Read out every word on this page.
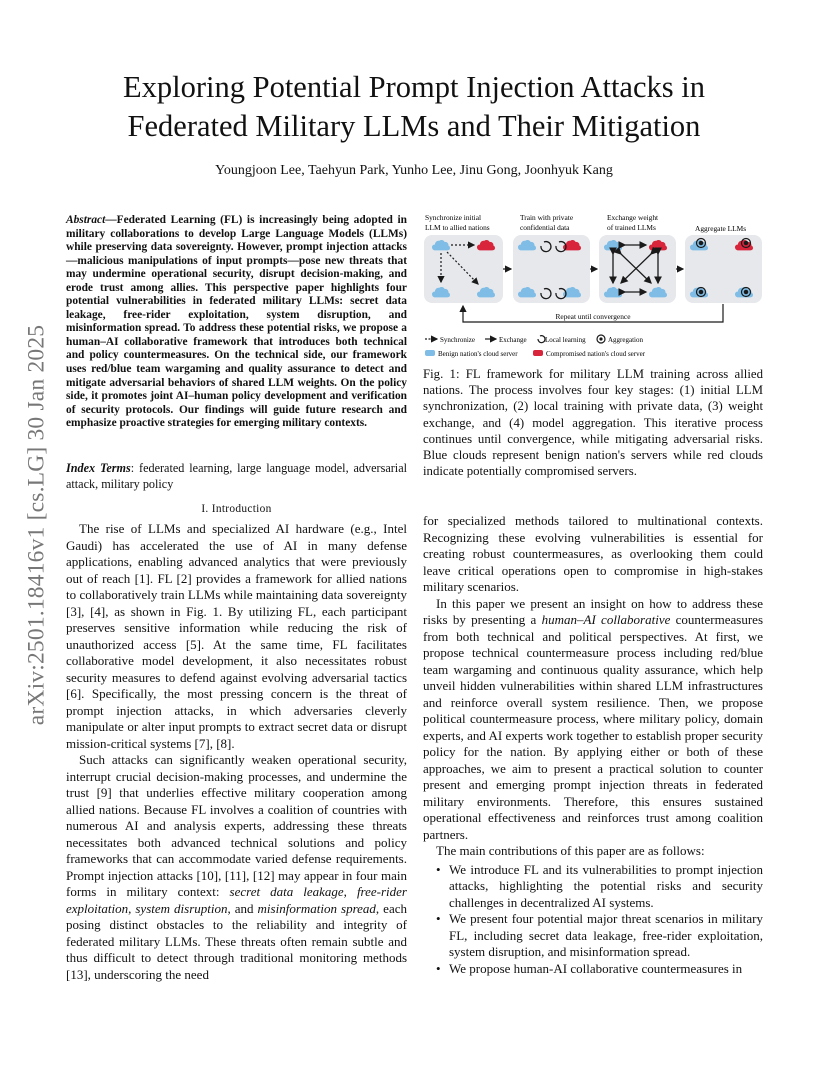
arXiv:2501.18416v1 [cs.LG] 30 Jan 2025
Exploring Potential Prompt Injection Attacks in Federated Military LLMs and Their Mitigation
Youngjoon Lee, Taehyun Park, Yunho Lee, Jinu Gong, Joonhyuk Kang
Abstract—Federated Learning (FL) is increasingly being adopted in military collaborations to develop Large Language Models (LLMs) while preserving data sovereignty. However, prompt injection attacks—malicious manipulations of input prompts—pose new threats that may undermine operational security, disrupt decision-making, and erode trust among allies. This perspective paper highlights four potential vulnerabilities in federated military LLMs: secret data leakage, free-rider exploitation, system disruption, and misinformation spread. To address these potential risks, we propose a human–AI collaborative framework that introduces both technical and policy countermeasures. On the technical side, our framework uses red/blue team wargaming and quality assurance to detect and mitigate adversarial behaviors of shared LLM weights. On the policy side, it promotes joint AI–human policy development and verification of security protocols. Our findings will guide future research and emphasize proactive strategies for emerging military contexts.
Index Terms: federated learning, large language model, adversarial attack, military policy
I. Introduction

The rise of LLMs and specialized AI hardware (e.g., Intel Gaudi) has accelerated the use of AI in many defense applications, enabling advanced analytics that were previously out of reach [1]. FL [2] provides a framework for allied nations to collaboratively train LLMs while maintaining data sovereignty [3], [4], as shown in Fig. 1. By utilizing FL, each participant preserves sensitive information while reducing the risk of unauthorized access [5]. At the same time, FL facilitates collaborative model development, it also necessitates robust security measures to defend against evolving adversarial tactics [6]. Specifically, the most pressing concern is the threat of prompt injection attacks, in which adversaries cleverly manipulate or alter input prompts to extract secret data or disrupt mission-critical systems [7], [8].

Such attacks can significantly weaken operational security, interrupt crucial decision-making processes, and undermine the trust [9] that underlies effective military cooperation among allied nations. Because FL involves a coalition of countries with numerous AI and analysis experts, addressing these threats necessitates both advanced technical solutions and policy frameworks that can accommodate varied defense requirements. Prompt injection attacks [10], [11], [12] may appear in four main forms in military context: secret data leakage, free-rider exploitation, system disruption, and misinformation spread, each posing distinct obstacles to the reliability and integrity of federated military LLMs. These threats often remain subtle and thus difficult to detect through traditional monitoring methods [13], underscoring the need

Synchronize initial
LLM to allied nations
Train with private
confidential data
Exchange weight
of trained LLMs	Aggregate LLMs
Repeat until convergence
Synchronize	Exchange	Local learning	Aggregation
Benign nation's cloud server	Compromised nation's cloud server
Fig. 1: FL framework for military LLM training across allied nations. The process involves four key stages: (1) initial LLM synchronization, (2) local training with private data, (3) weight exchange, and (4) model aggregation. This iterative process continues until convergence, while mitigating adversarial risks. Blue clouds represent benign nation's servers while red clouds indicate potentially compromised servers.

for specialized methods tailored to multinational contexts. Recognizing these evolving vulnerabilities is essential for creating robust countermeasures, as overlooking them could leave critical operations open to compromise in high-stakes military scenarios.

In this paper we present an insight on how to address these risks by presenting a human–AI collaborative countermeasures from both technical and political perspectives. At first, we propose technical countermeasure process including red/blue team wargaming and continuous quality assurance, which help unveil hidden vulnerabilities within shared LLM infrastructures and reinforce overall system resilience. Then, we propose political countermeasure process, where military policy, domain experts, and AI experts work together to establish proper security policy for the nation. By applying either or both of these approaches, we aim to present a practical solution to counter present and emerging prompt injection threats in federated military environments. Therefore, this ensures sustained operational effectiveness and reinforces trust among coalition partners.

The main contributions of this paper are as follows:

• We introduce FL and its vulnerabilities to prompt injection attacks, highlighting the potential risks and security challenges in decentralized AI systems.
• We present four potential major threat scenarios in military FL, including secret data leakage, free-rider exploitation, system disruption, and misinformation spread.
• We propose human-AI collaborative countermeasures in
